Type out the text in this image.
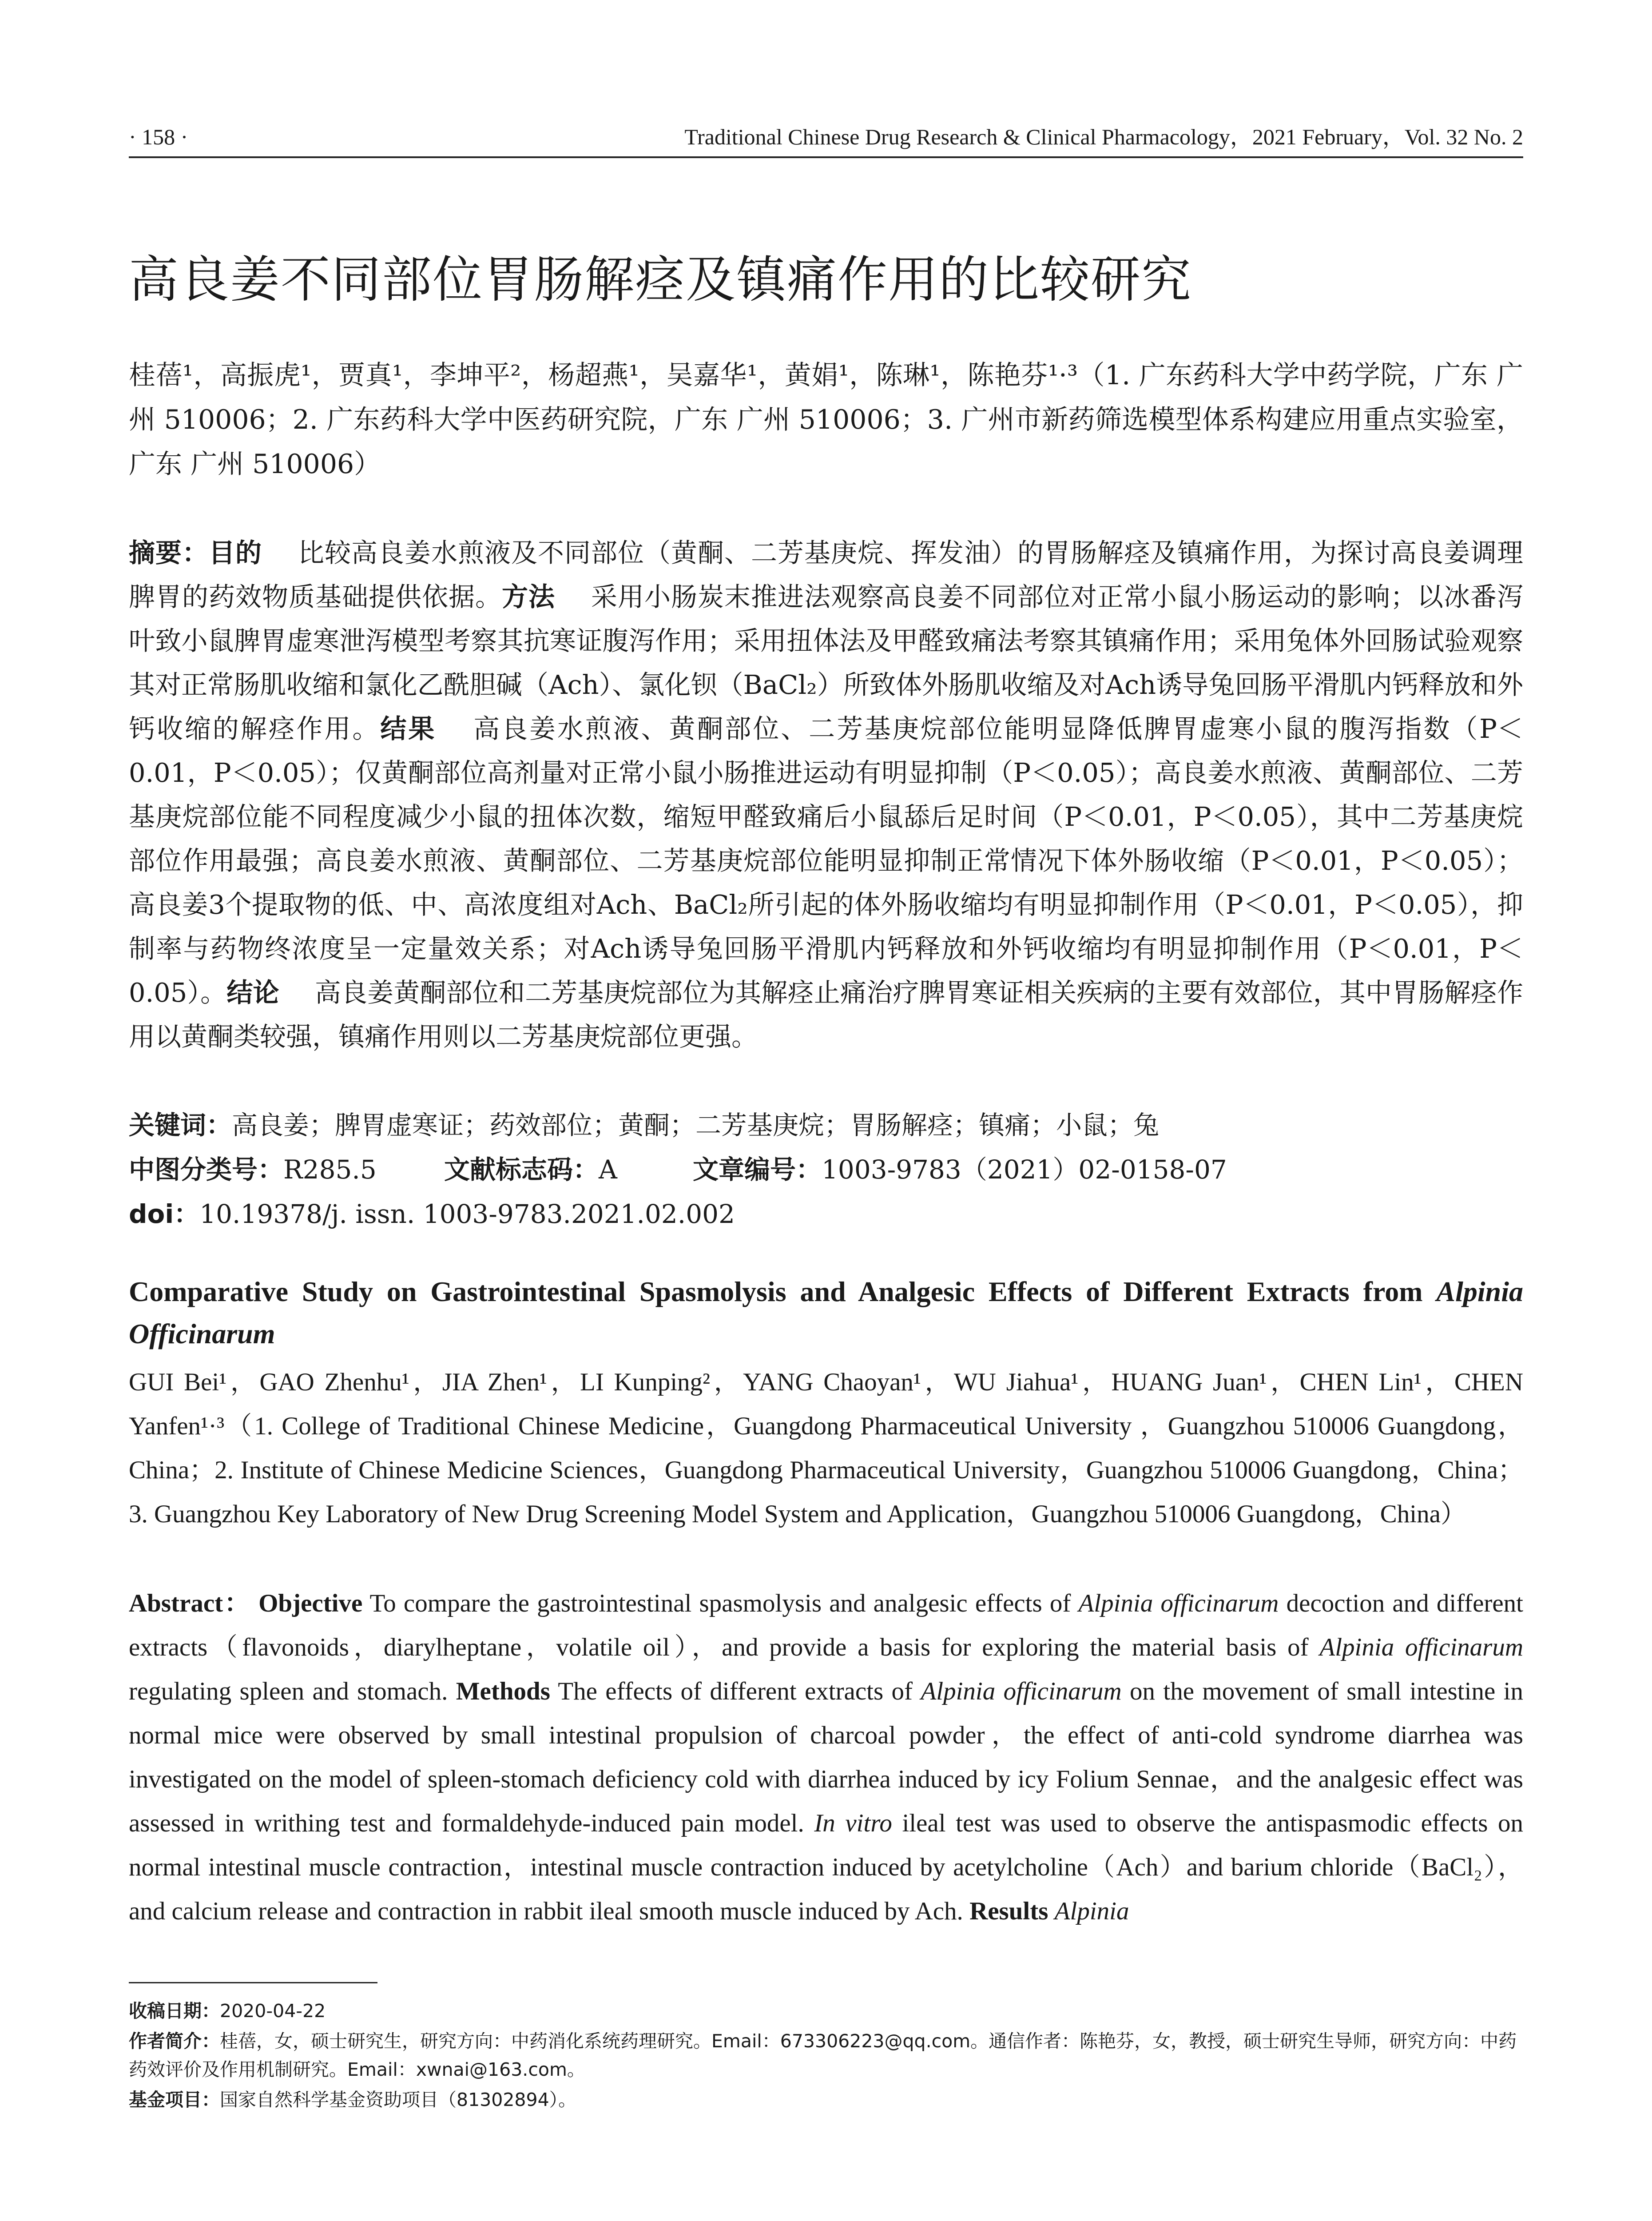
· 158 ·	Traditional Chinese Drug Research & Clinical Pharmacology，2021 February，Vol. 32 No. 2
高良姜不同部位胃肠解痉及镇痛作用的比较研究
桂蓓¹，高振虎¹，贾真¹，李坤平²，杨超燕¹，吴嘉华¹，黄娟¹，陈琳¹，陈艳芬¹·³（1. 广东药科大学中药学院，广东 广州 510006；2. 广东药科大学中医药研究院，广东 广州 510006；3. 广州市新药筛选模型体系构建应用重点实验室，广东 广州 510006）

摘要：目的 比较高良姜水煎液及不同部位（黄酮、二芳基庚烷、挥发油）的胃肠解痉及镇痛作用，为探讨高良姜调理脾胃的药效物质基础提供依据。方法 采用小肠炭末推进法观察高良姜不同部位对正常小鼠小肠运动的影响；以冰番泻叶致小鼠脾胃虚寒泄泻模型考察其抗寒证腹泻作用；采用扭体法及甲醛致痛法考察其镇痛作用；采用兔体外回肠试验观察其对正常肠肌收缩和氯化乙酰胆碱（Ach）、氯化钡（BaCl₂）所致体外肠肌收缩及对Ach诱导兔回肠平滑肌内钙释放和外钙收缩的解痉作用。结果 高良姜水煎液、黄酮部位、二芳基庚烷部位能明显降低脾胃虚寒小鼠的腹泻指数（P＜0.01，P＜0.05）；仅黄酮部位高剂量对正常小鼠小肠推进运动有明显抑制（P＜0.05）；高良姜水煎液、黄酮部位、二芳基庚烷部位能不同程度减少小鼠的扭体次数，缩短甲醛致痛后小鼠舔后足时间（P＜0.01，P＜0.05），其中二芳基庚烷部位作用最强；高良姜水煎液、黄酮部位、二芳基庚烷部位能明显抑制正常情况下体外肠收缩（P＜0.01，P＜0.05）；高良姜3个提取物的低、中、高浓度组对Ach、BaCl₂所引起的体外肠收缩均有明显抑制作用（P＜0.01，P＜0.05），抑制率与药物终浓度呈一定量效关系；对Ach诱导兔回肠平滑肌内钙释放和外钙收缩均有明显抑制作用（P＜0.01，P＜0.05）。结论 高良姜黄酮部位和二芳基庚烷部位为其解痉止痛治疗脾胃寒证相关疾病的主要有效部位，其中胃肠解痉作用以黄酮类较强，镇痛作用则以二芳基庚烷部位更强。

关键词：高良姜；脾胃虚寒证；药效部位；黄酮；二芳基庚烷；胃肠解痉；镇痛；小鼠；兔
中图分类号：R285.5	文献标志码：A	文章编号：1003-9783（2021）02-0158-07
doi：10.19378/j. issn. 1003-9783.2021.02.002
Comparative Study on Gastrointestinal Spasmolysis and Analgesic Effects of Different Extracts from Alpinia Officinarum
GUI Bei¹，GAO Zhenhu¹，JIA Zhen¹，LI Kunping²，YANG Chaoyan¹，WU Jiahua¹，HUANG Juan¹，CHEN Lin¹，CHEN Yanfen¹·³（1. College of Traditional Chinese Medicine，Guangdong Pharmaceutical University ，Guangzhou 510006 Guangdong，China；2. Institute of Chinese Medicine Sciences，Guangdong Pharmaceutical University，Guangzhou 510006 Guangdong，China；3. Guangzhou Key Laboratory of New Drug Screening Model System and Application，Guangzhou 510006 Guangdong，China）
Abstract： Objective To compare the gastrointestinal spasmolysis and analgesic effects of Alpinia officinarum decoction and different extracts（flavonoids，diarylheptane，volatile oil），and provide a basis for exploring the material basis of Alpinia officinarum regulating spleen and stomach. Methods The effects of different extracts of Alpinia officinarum on the movement of small intestine in normal mice were observed by small intestinal propulsion of charcoal powder，the effect of anti-cold syndrome diarrhea was investigated on the model of spleen-stomach deficiency cold with diarrhea induced by icy Folium Sennae，and the analgesic effect was assessed in writhing test and formaldehyde-induced pain model. In vitro ileal test was used to observe the antispasmodic effects on normal intestinal muscle contraction，intestinal muscle contraction induced by acetylcholine（Ach）and barium chloride（BaCl₂），and calcium release and contraction in rabbit ileal smooth muscle induced by Ach. Results Alpinia

收稿日期：2020-04-22

作者简介：桂蓓，女，硕士研究生，研究方向：中药消化系统药理研究。Email：673306223@qq.com。通信作者：陈艳芬，女，教授，硕士研究生导师，研究方向：中药药效评价及作用机制研究。Email：xwnai@163.com。

基金项目：国家自然科学基金资助项目（81302894）。
